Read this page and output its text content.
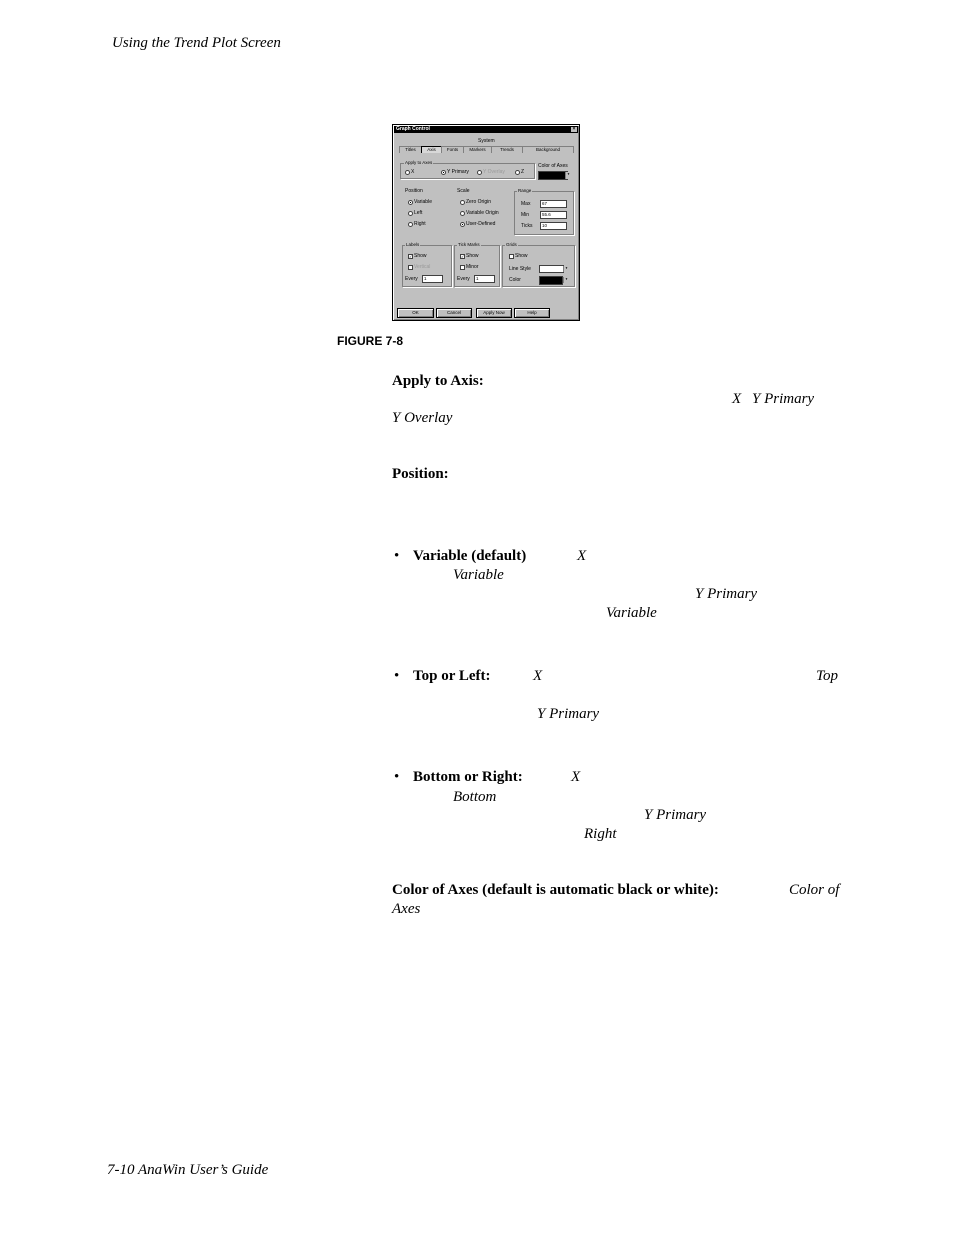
Using the Trend Plot Screen
Graph Control	×
System
Titles	Axis	Fonts	Markers	Trends	Background
Apply to Axes
X	Y Primary	Y Overlay	Z
Color of Axes
▼
Position
Variable
Left
Right
Scale
Zero Origin
Variable Origin
User-Defined
Range
Max	67
Min	55.6
Ticks	10
Labels
✓ Show
Vertical
Every	1
Tick Marks
✓ Show
Minor
Every	1
Grids
Show
Line Style	▼
Color	▼
OK	Cancel	Apply Now	Help
FIGURE 7-8
Apply to Axis:
X Y Primary
Y Overlay
Position:
• Variable (default)	X
Variable
Y Primary
Variable
• Top or Left:	X	Top
Y Primary
• Bottom or Right:	X
Bottom
Y Primary
Right
Color of Axes (default is automatic black or white):	Color of
Axes
7-10 AnaWin User’s Guide
